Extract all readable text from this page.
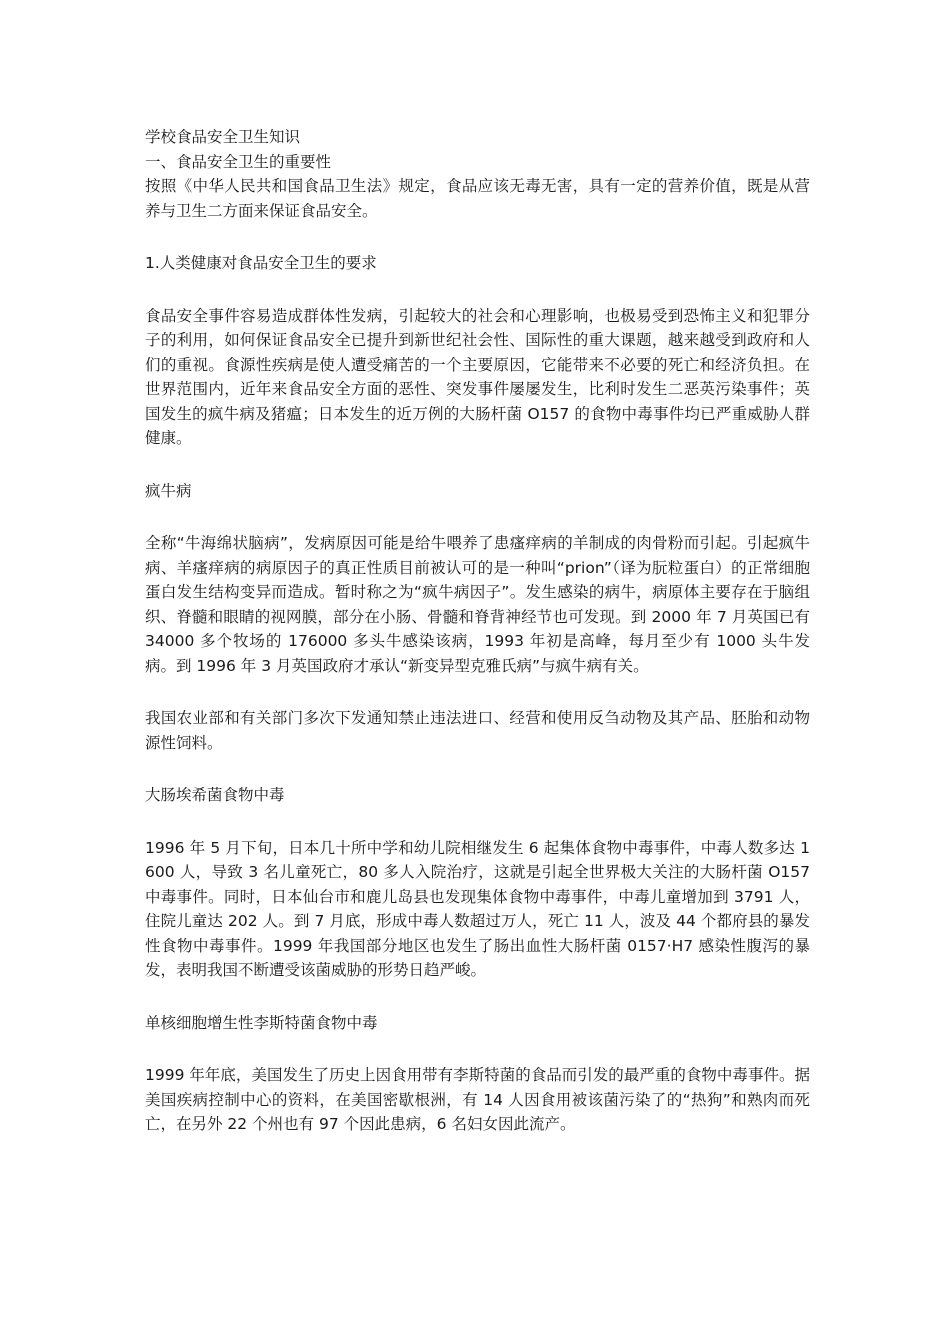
学校食品安全卫生知识

一、食品安全卫生的重要性

按照《中华人民共和国食品卫生法》规定，食品应该无毒无害，具有一定的营养价值，既是从营养与卫生二方面来保证食品安全。

1.人类健康对食品安全卫生的要求

食品安全事件容易造成群体性发病，引起较大的社会和心理影响，也极易受到恐怖主义和犯罪分子的利用，如何保证食品安全已提升到新世纪社会性、国际性的重大课题，越来越受到政府和人们的重视。食源性疾病是使人遭受痛苦的一个主要原因，它能带来不必要的死亡和经济负担。在世界范围内，近年来食品安全方面的恶性、突发事件屡屡发生，比利时发生二恶英污染事件；英国发生的疯牛病及猪瘟；日本发生的近万例的大肠杆菌 O157 的食物中毒事件均已严重威胁人群健康。

疯牛病

全称“牛海绵状脑病”，发病原因可能是给牛喂养了患瘙痒病的羊制成的肉骨粉而引起。引起疯牛病、羊瘙痒病的病原因子的真正性质目前被认可的是一种叫“prion”（译为朊粒蛋白）的正常细胞蛋白发生结构变异而造成。暂时称之为“疯牛病因子”。发生感染的病牛，病原体主要存在于脑组织、脊髓和眼睛的视网膜，部分在小肠、骨髓和脊背神经节也可发现。到 2000 年 7 月英国已有 34000 多个牧场的 176000 多头牛感染该病，1993 年初是高峰，每月至少有 1000 头牛发病。到 1996 年 3 月英国政府才承认“新变异型克雅氏病”与疯牛病有关。

我国农业部和有关部门多次下发通知禁止违法进口、经营和使用反刍动物及其产品、胚胎和动物源性饲料。

大肠埃希菌食物中毒

1996 年 5 月下旬，日本几十所中学和幼儿院相继发生 6 起集体食物中毒事件，中毒人数多达 1600 人，导致 3 名儿童死亡，80 多人入院治疗，这就是引起全世界极大关注的大肠杆菌 O157 中毒事件。同时，日本仙台市和鹿儿岛县也发现集体食物中毒事件，中毒儿童增加到 3791 人，住院儿童达 202 人。到 7 月底，形成中毒人数超过万人，死亡 11 人，波及 44 个都府县的暴发性食物中毒事件。1999 年我国部分地区也发生了肠出血性大肠杆菌 0157·H7 感染性腹泻的暴发，表明我国不断遭受该菌威胁的形势日趋严峻。

单核细胞增生性李斯特菌食物中毒

1999 年年底，美国发生了历史上因食用带有李斯特菌的食品而引发的最严重的食物中毒事件。据美国疾病控制中心的资料，在美国密歇根洲，有 14 人因食用被该菌污染了的“热狗”和熟肉而死亡，在另外 22 个州也有 97 个因此患病，6 名妇女因此流产。
